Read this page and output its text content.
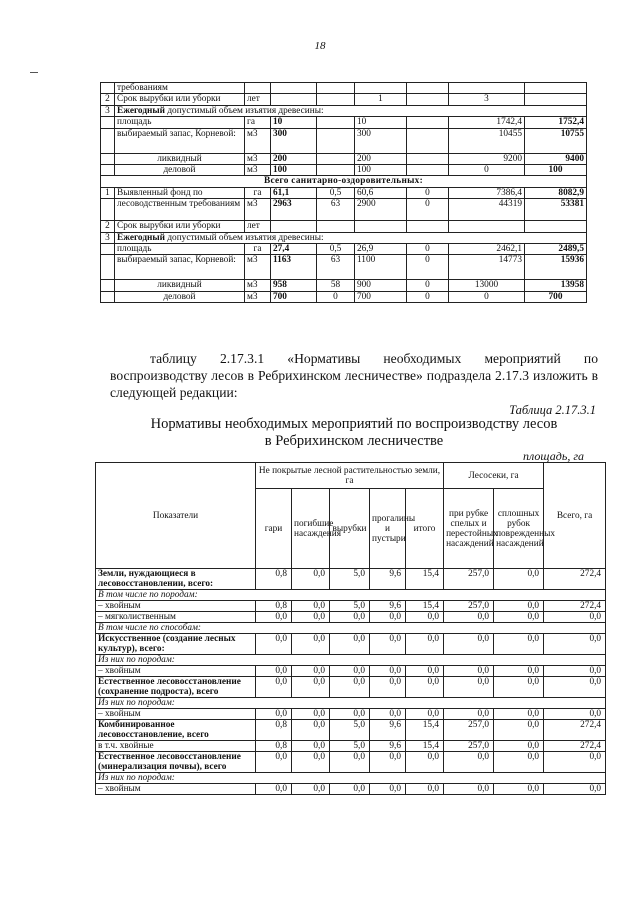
18
	требованиям							
2	Срок вырубки или уборки	лет			1		3	
3	Ежегодный допустимый объем изъятия древесины:							
	площадь	га	10		10		1742,4	1752,4
	выбираемый запас, Корневой:	м3	300		300		10455	10755
	ликвидный	м3	200		200		9200	9400
	деловой	м3	100		100		0	100
Всего санитарно-оздоровительных:								
1	Выявленный фонд по	га	61,1	0,5	60,6	0	7386,4	8082,9
	лесоводственным требованиям	м3	2963	63	2900	0	44319	53381
2	Срок вырубки или уборки	лет						
3	Ежегодный допустимый объем изъятия древесины:							
	площадь	га	27,4	0,5	26,9	0	2462,1	2489,5
	выбираемый запас, Корневой:	м3	1163	63	1100	0	14773	15936
	ликвидный	м3	958	58	900	0	13000	13958
	деловой	м3	700	0	700	0	0	700
таблицу 2.17.3.1 «Нормативы необходимых мероприятий по воспроизводству лесов в Ребрихинском лесничестве» подраздела 2.17.3 изложить в следующей редакции:
Таблица 2.17.3.1
Нормативы необходимых мероприятий по воспроизводству лесов
в Ребрихинском лесничестве
площадь, га
Показатели	Не покрытые лесной растительностью земли, га					Лесосеки, га		Всего, га
	гари	погибшие насаждения	вырубки	прогалины и пустыри	итого	при рубке спелых и перестойных насаждений	сплошных рубок поврежденных насаждений	
Земли, нуждающиеся в лесовосстановлении, всего:	0,8	0,0	5,0	9,6	15,4	257,0	0,0	272,4
В том числе по породам:								
– хвойным	0,8	0,0	5,0	9,6	15,4	257,0	0,0	272,4
– мягколиственным	0,0	0,0	0,0	0,0	0,0	0,0	0,0	0,0
В том числе по способам:								
Искусственное (создание лесных культур), всего:	0,0	0,0	0,0	0,0	0,0	0,0	0,0	0,0
Из них по породам:								
– хвойным	0,0	0,0	0,0	0,0	0,0	0,0	0,0	0,0
Естественное лесовосстановление (сохранение подроста), всего	0,0	0,0	0,0	0,0	0,0	0,0	0,0	0,0
Из них по породам:								
– хвойным	0,0	0,0	0,0	0,0	0,0	0,0	0,0	0,0
Комбинированное лесовосстановление, всего	0,8	0,0	5,0	9,6	15,4	257,0	0,0	272,4
в т.ч. хвойные	0,8	0,0	5,0	9,6	15,4	257,0	0,0	272,4
Естественное лесовосстановление (минерализация почвы), всего	0,0	0,0	0,0	0,0	0,0	0,0	0,0	0,0
Из них по породам:								
– хвойным	0,0	0,0	0,0	0,0	0,0	0,0	0,0	0,0
